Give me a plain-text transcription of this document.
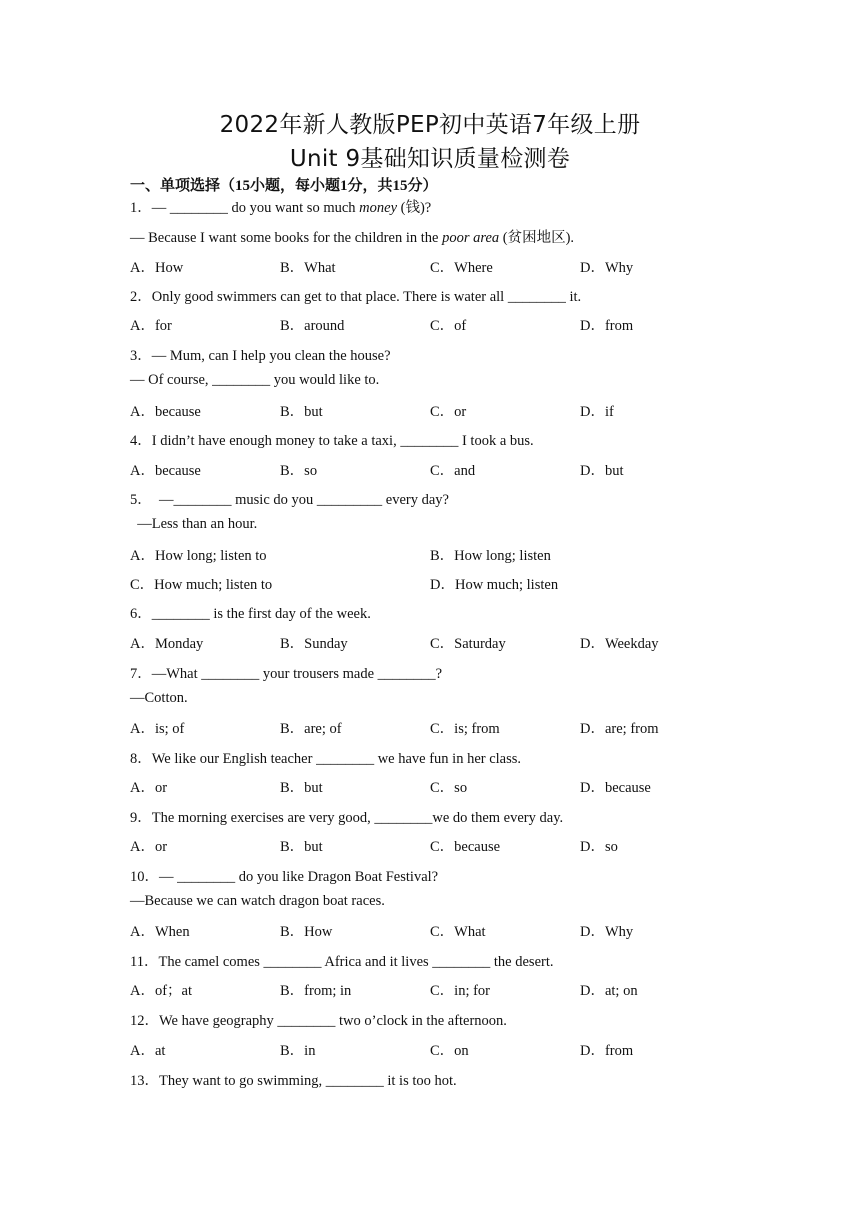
2022年新人教版PEP初中英语7年级上册
Unit 9基础知识质量检测卷
一、单项选择（15小题，每小题1分，共15分）
1．— ________ do you want so much money (钱)?
— Because I want some books for the children in the poor area (贫困地区).
A．How	B．What	C．Where	D．Why
2．Only good swimmers can get to that place. There is water all ________ it.
A．for	B．around	C．of	D．from
3．— Mum, can I help you clean the house?
— Of course, ________ you would like to.
A．because	B．but	C．or	D．if
4．I didn’t have enough money to take a taxi, ________ I took a bus.
A．because	B．so	C．and	D．but
5．  —________ music do you _________ every day?
—Less than an hour.
A．How long; listen to	B．How long; listen
C．How much; listen to	D．How much; listen
6．________ is the first day of the week.
A．Monday	B．Sunday	C．Saturday	D．Weekday
7．—What ________ your trousers made ________?
—Cotton.
A．is; of	B．are; of	C．is; from	D．are; from
8．We like our English teacher ________ we have fun in her class.
A．or	B．but	C．so	D．because
9．The morning exercises are very good, ________we do them every day.
A．or	B．but	C．because	D．so
10．— ________ do you like Dragon Boat Festival?
—Because we can watch dragon boat races.
A．When	B．How	C．What	D．Why
11．The camel comes ________ Africa and it lives ________ the desert.
A．of；at	B．from; in	C．in; for	D．at; on
12．We have geography ________ two o’clock in the afternoon.
A．at	B．in	C．on	D．from
13．They want to go swimming, ________ it is too hot.
